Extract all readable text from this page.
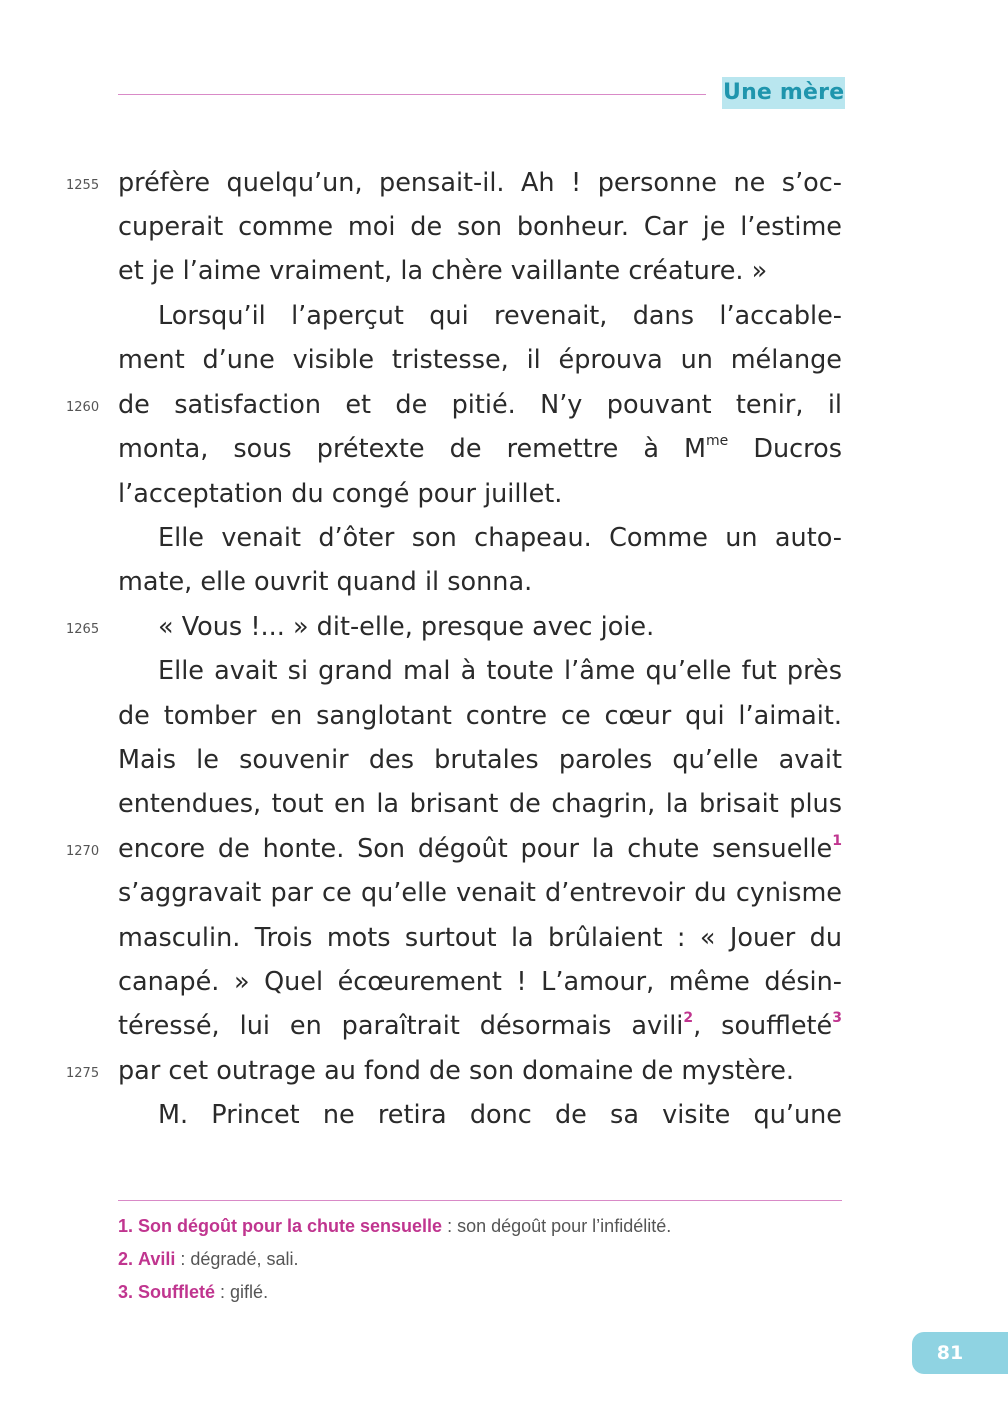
Une mère
1255
1260
1265
1270
1275
préfère quelqu’un, pensait-il. Ah ! personne ne s’oc-
cuperait comme moi de son bonheur. Car je l’estime
et je l’aime vraiment, la chère vaillante créature. »
Lorsqu’il l’aperçut qui revenait, dans l’accable-
ment d’une visible tristesse, il éprouva un mélange
de satisfaction et de pitié. N’y pouvant tenir, il
monta, sous prétexte de remettre à $M^{me}$ Ducros
l’acceptation du congé pour juillet.
Elle venait d’ôter son chapeau. Comme un auto-
mate, elle ouvrit quand il sonna.
« Vous !... » dit-elle, presque avec joie.
Elle avait si grand mal à toute l’âme qu’elle fut près
de tomber en sanglotant contre ce cœur qui l’aimait.
Mais le souvenir des brutales paroles qu’elle avait
entendues, tout en la brisant de chagrin, la brisait plus
encore de honte. Son dégoût pour la chute sensuelle$^1$
s’aggravait par ce qu’elle venait d’entrevoir du cynisme
masculin. Trois mots surtout la brûlaient : « Jouer du
canapé. » Quel écœurement ! L’amour, même désin-
téressé, lui en paraîtrait désormais avili$^2$, souffleté$^3$
par cet outrage au fond de son domaine de mystère.
M. Princet ne retira donc de sa visite qu’une
1. Son dégoût pour la chute sensuelle : son dégoût pour l’infidélité.
2. Avili : dégradé, sali.
3. Souffleté : giflé.
81
